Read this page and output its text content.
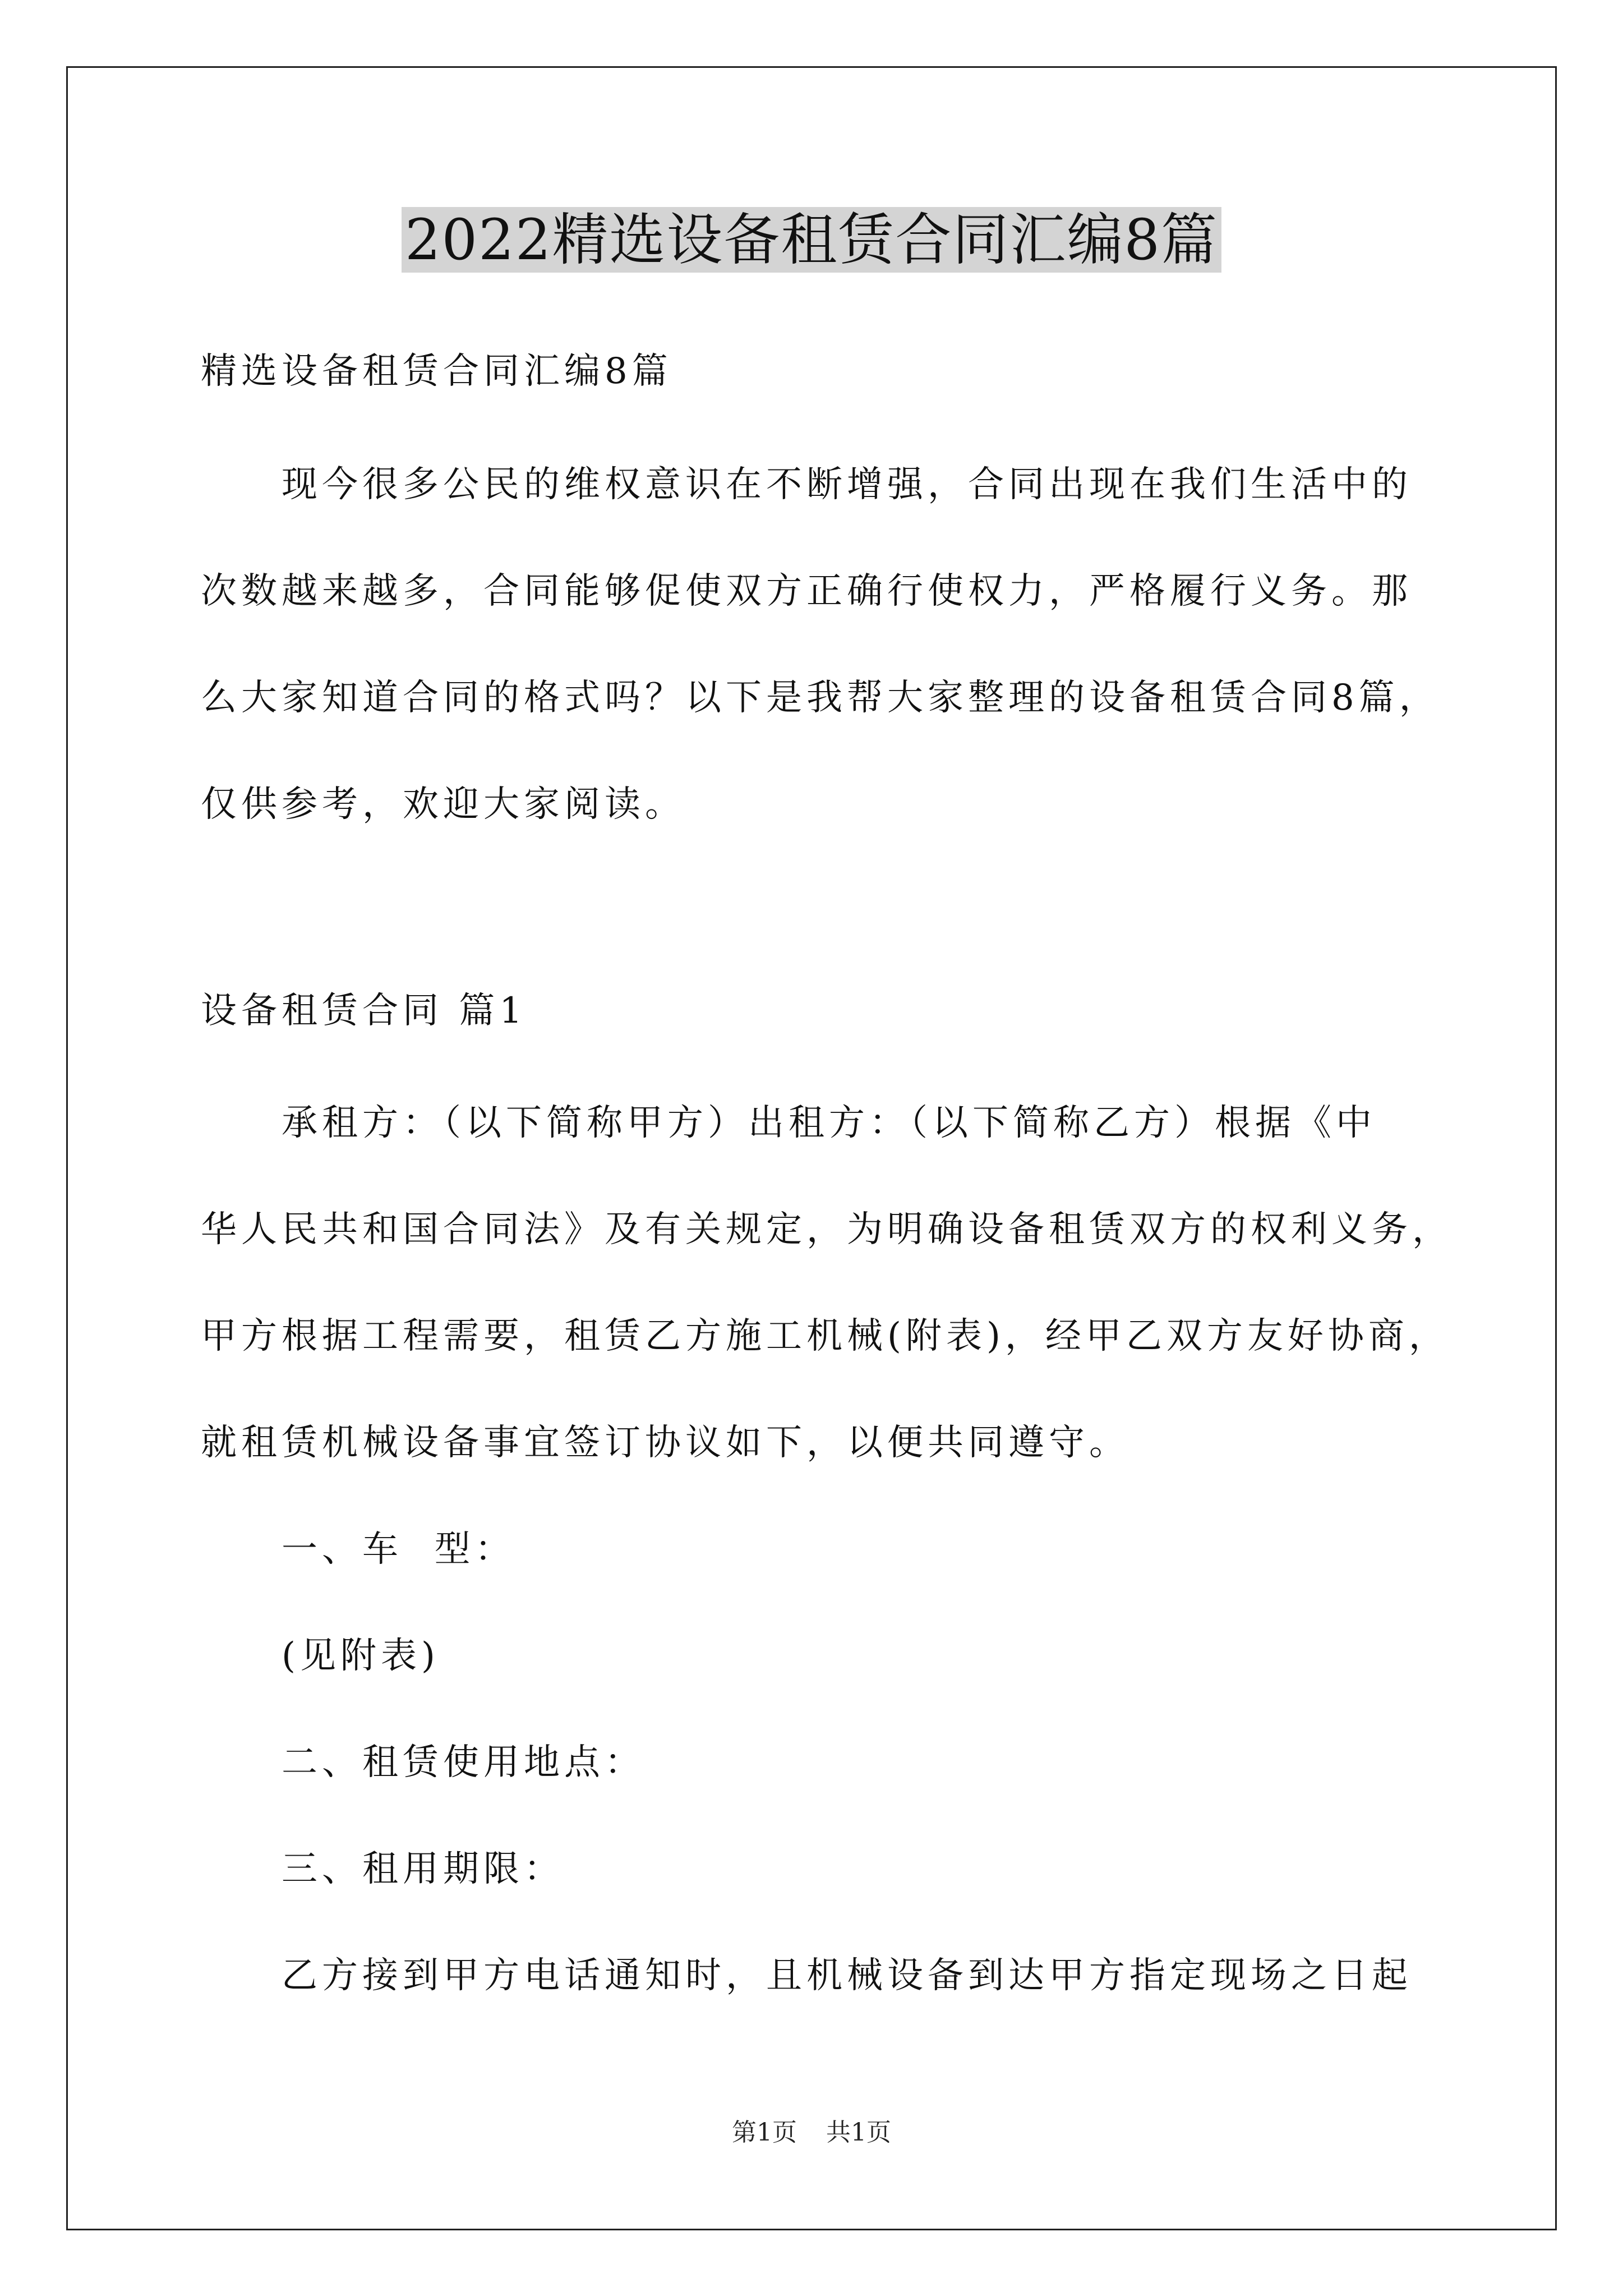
2022精选设备租赁合同汇编8篇
精选设备租赁合同汇编8篇
现今很多公民的维权意识在不断增强，合同出现在我们生活中的
次数越来越多，合同能够促使双方正确行使权力，严格履行义务。那
么大家知道合同的格式吗？以下是我帮大家整理的设备租赁合同8篇，
仅供参考，欢迎大家阅读。
设备租赁合同 篇1
承租方：（以下简称甲方）出租方：（以下简称乙方）根据《中
华人民共和国合同法》及有关规定，为明确设备租赁双方的权利义务，
甲方根据工程需要，租赁乙方施工机械(附表)，经甲乙双方友好协商，
就租赁机械设备事宜签订协议如下，以便共同遵守。
一、车  型：
(见附表)
二、租赁使用地点：
三、租用期限：
乙方接到甲方电话通知时，且机械设备到达甲方指定现场之日起
第1页 共1页
